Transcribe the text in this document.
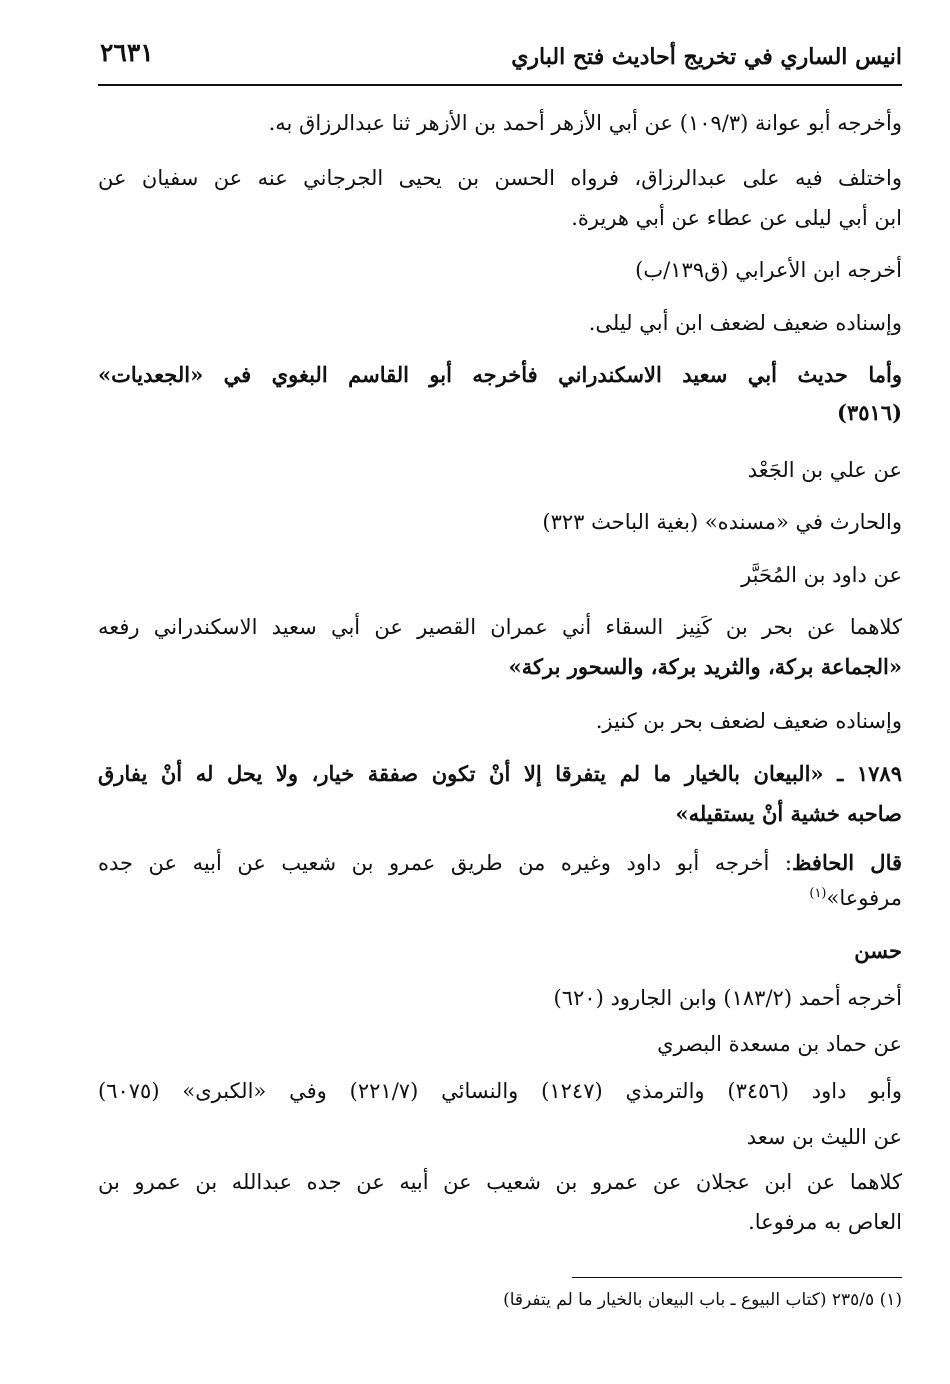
انيس الساري في تخريج أحاديث فتح الباري
٢٦٣١
وأخرجه أبو عوانة (١٠٩/٣) عن أبي الأزهر أحمد بن الأزهر ثنا عبدالرزاق به.
واختلف فيه على عبدالرزاق، فرواه الحسن بن يحيى الجرجاني عنه عن سفيان عن
ابن أبي ليلى عن عطاء عن أبي هريرة.
أخرجه ابن الأعرابي (ق١٣٩/ب)
وإسناده ضعيف لضعف ابن أبي ليلى.
وأما حديث أبي سعيد الاسكندراني فأخرجه أبو القاسم البغوي في «الجعديات»
(٣٥١٦)
عن علي بن الجَعْد
والحارث في «مسنده» (بغية الباحث ٣٢٣)
عن داود بن المُحَبَّر
كلاهما عن بحر بن كَنِيز السقاء أني عمران القصير عن أبي سعيد الاسكندراني رفعه
«الجماعة بركة، والثريد بركة، والسحور بركة»
وإسناده ضعيف لضعف بحر بن كنيز.
١٧٨٩ ـ «البيعان بالخيار ما لم يتفرقا إلا أنْ تكون صفقة خيار، ولا يحل له أنْ يفارق
صاحبه خشية أنْ يستقيله»
قال الحافظ: أخرجه أبو داود وغيره من طريق عمرو بن شعيب عن أبيه عن جده
مرفوعا»$^{(١)}$
حسن
أخرجه أحمد (١٨٣/٢) وابن الجارود (٦٢٠)
عن حماد بن مسعدة البصري
وأبو داود (٣٤٥٦) والترمذي (١٢٤٧) والنسائي (٢٢١/٧) وفي «الكبرى» (٦٠٧٥)
عن الليث بن سعد
كلاهما عن ابن عجلان عن عمرو بن شعيب عن أبيه عن جده عبدالله بن عمرو بن
العاص به مرفوعا.
(١) ٢٣٥/٥ (كتاب البيوع ـ باب البيعان بالخيار ما لم يتفرقا)
